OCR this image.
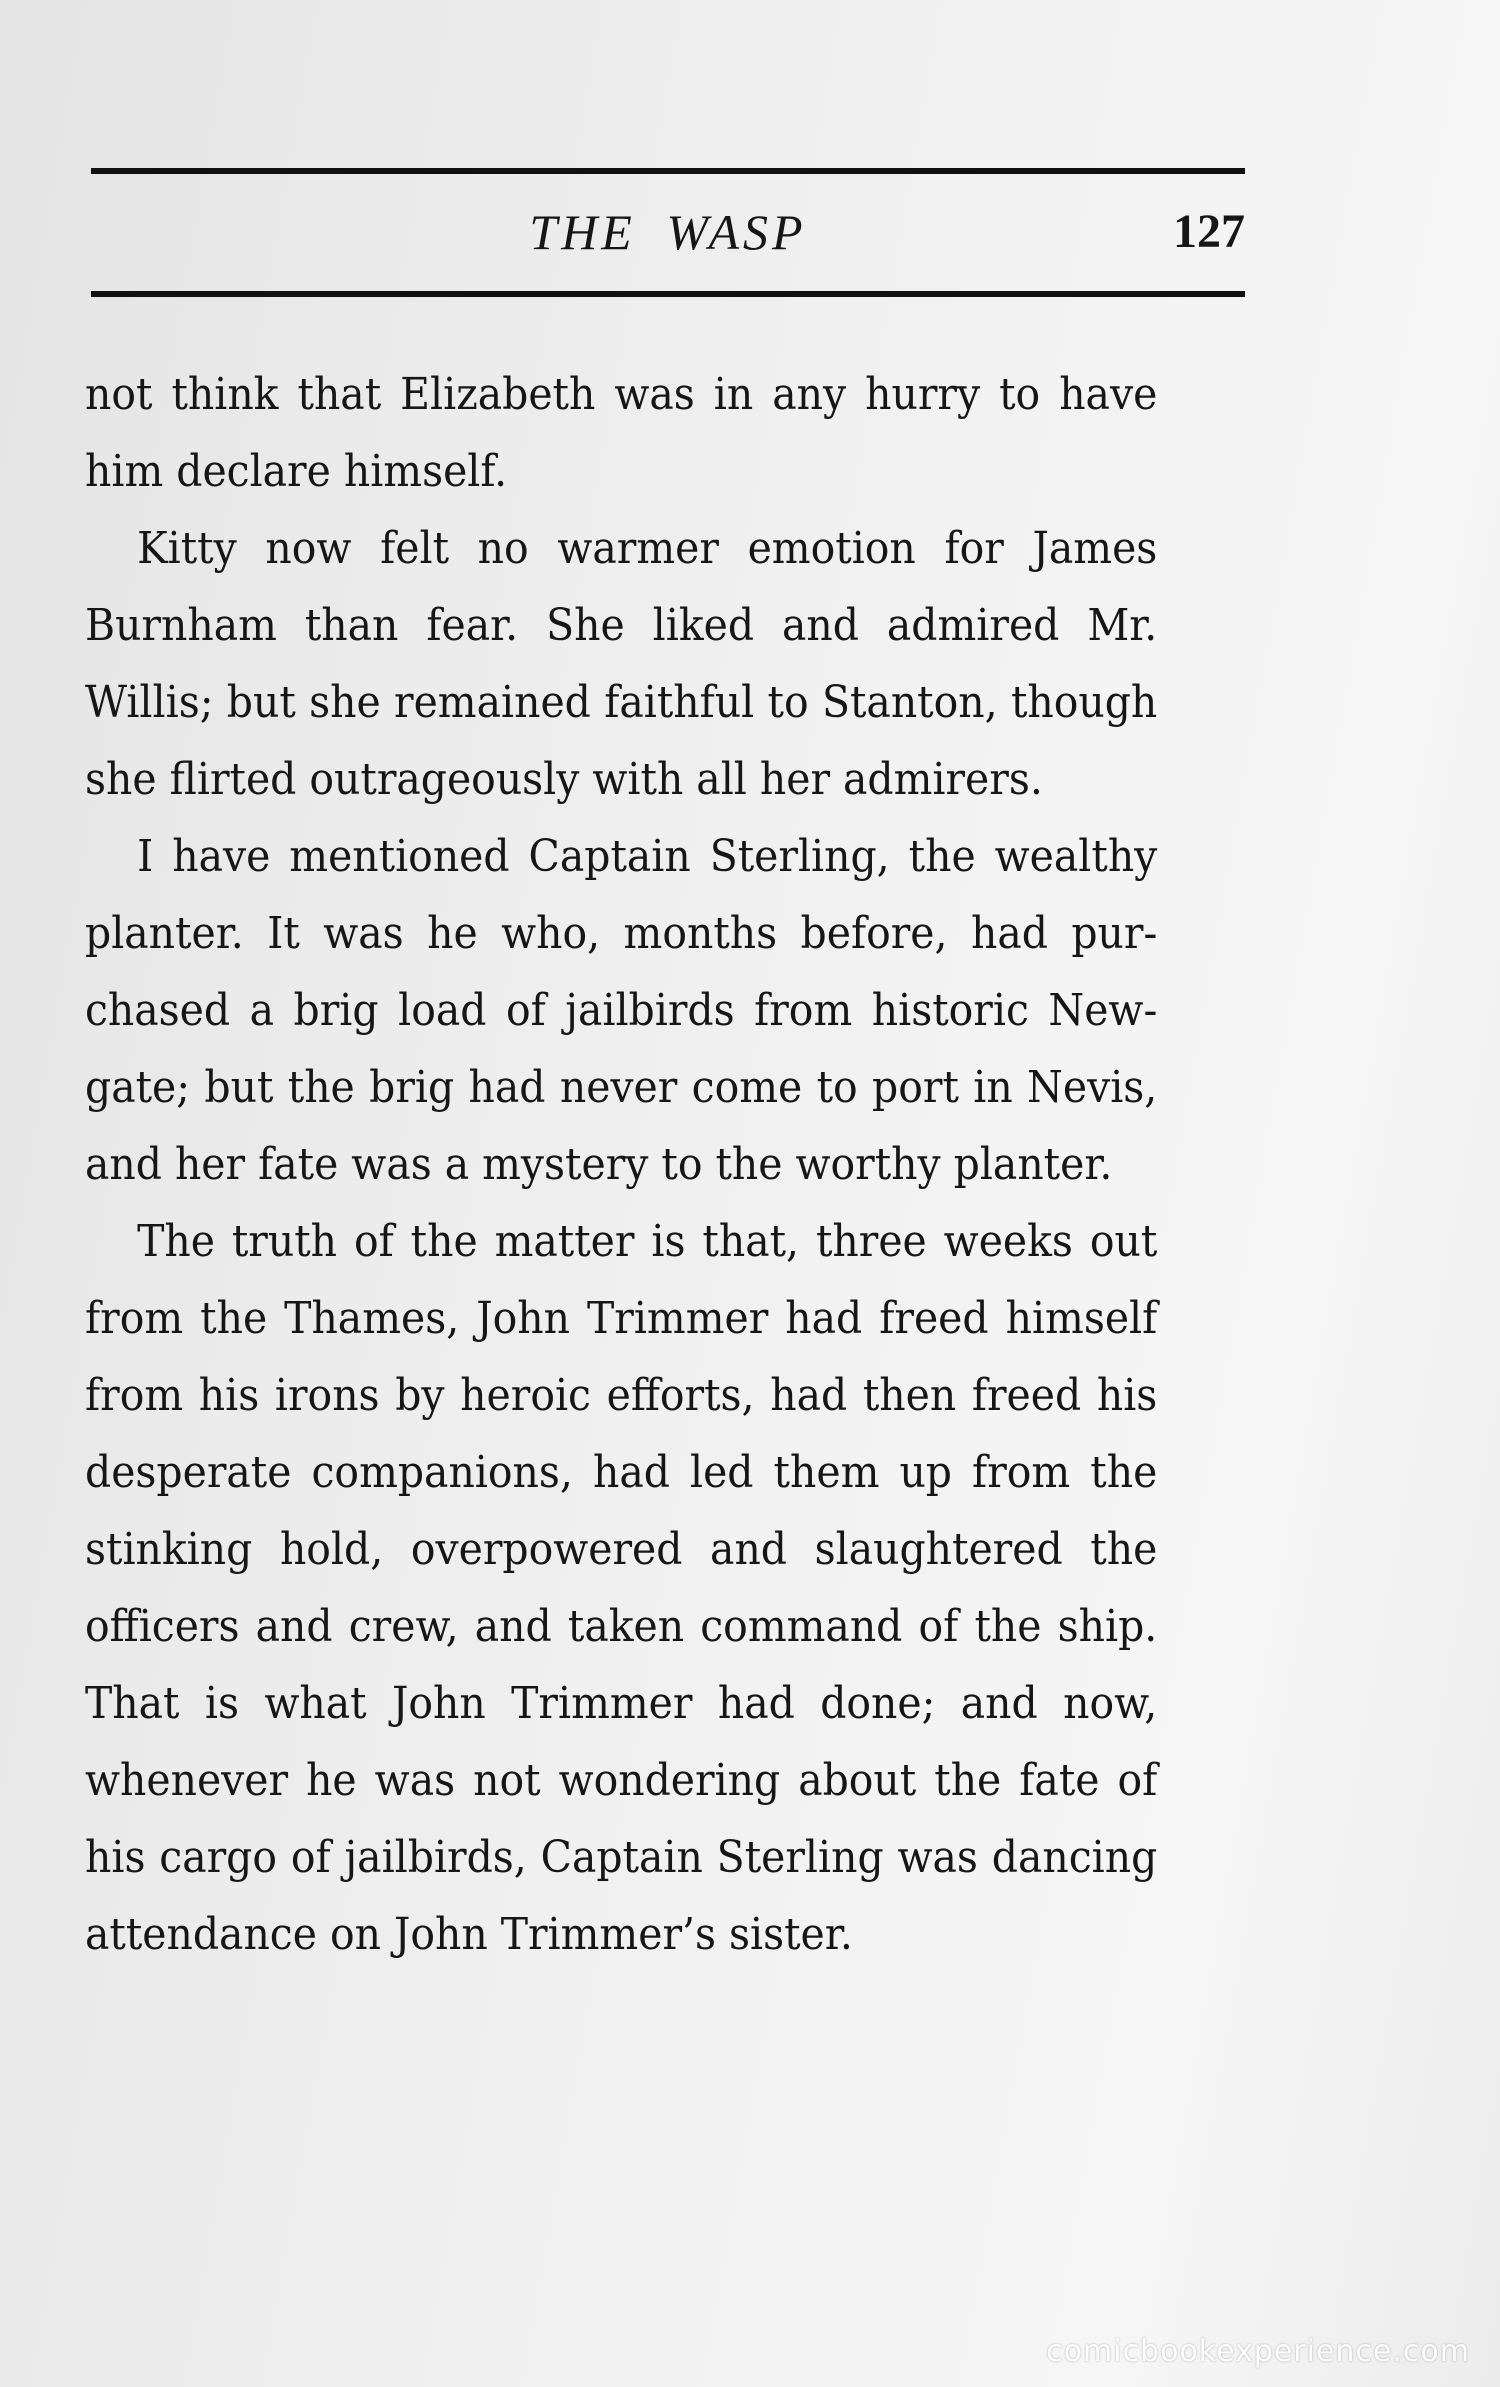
THE WASP	127

not think that Elizabeth was in any hurry to have him declare himself.

Kitty now felt no warmer emotion for James Burnham than fear. She liked and admired Mr. Willis; but she remained faithful to Stanton, though she flirted outrageously with all her admirers.

I have mentioned Captain Sterling, the wealthy planter. It was he who, months before, had purchased a brig load of jailbirds from historic Newgate; but the brig had never come to port in Nevis, and her fate was a mystery to the worthy planter.

The truth of the matter is that, three weeks out from the Thames, John Trimmer had freed himself from his irons by heroic efforts, had then freed his desperate companions, had led them up from the stinking hold, overpowered and slaughtered the officers and crew, and taken command of the ship. That is what John Trimmer had done; and now, whenever he was not wondering about the fate of his cargo of jailbirds, Captain Sterling was dancing attendance on John Trimmer’s sister.

comicbookexperience.com
